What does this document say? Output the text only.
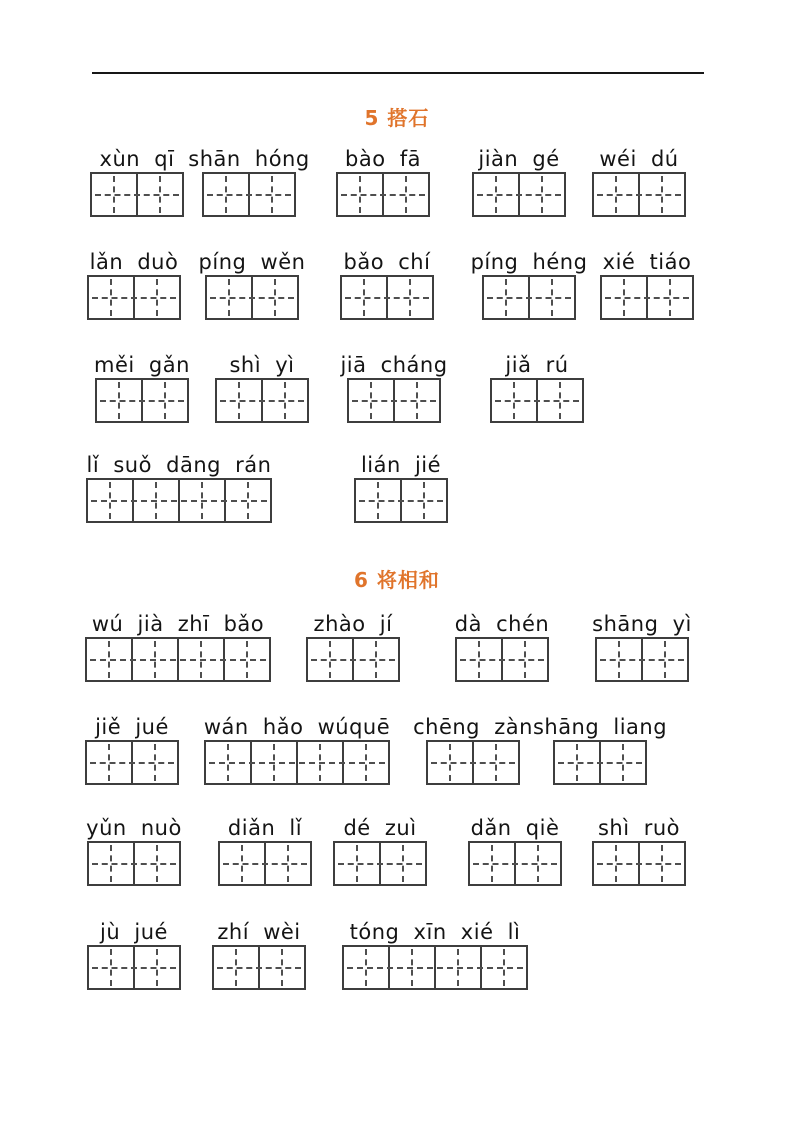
5 搭石
xùn qī shān hóng bào fā	jiàn gé wéi dú
lǎn duò píng wěn bǎo chí píng héng xié tiáo
měi gǎn shì yì jiā cháng	jiǎ rú
lǐ suǒ dāng rán	lián jié
6 将相和
wú jià zhī bǎo zhào jí	dà chén shāng yì
jiě jué wán hǎo wúquē chēng zàn shāng liang
yǔn nuò diǎn lǐ dé zuì	dǎn qiè shì ruò
jù jué zhí wèi tóng xīn xié lì
